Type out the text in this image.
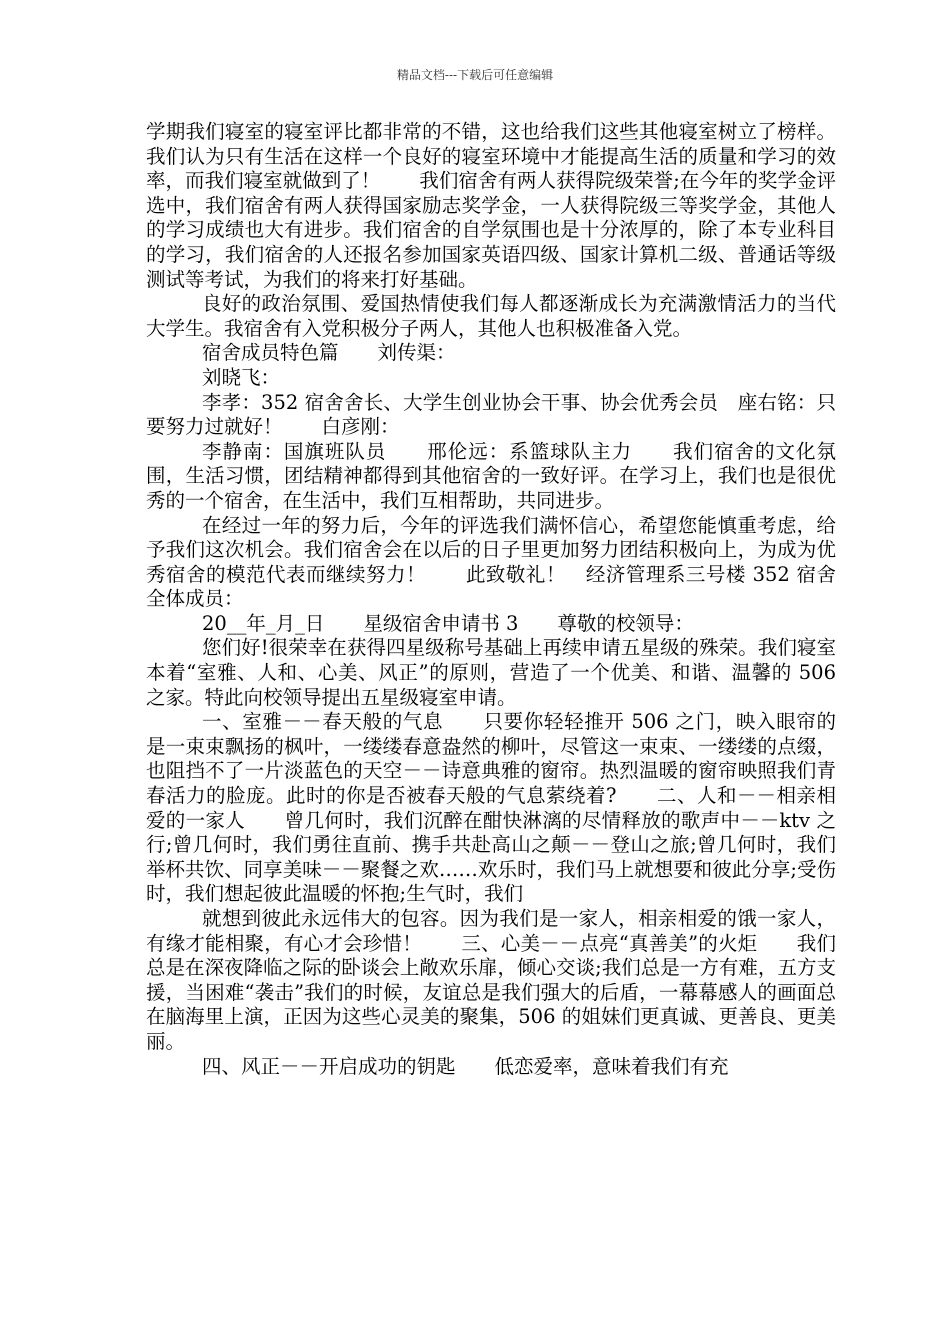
精品文档---下载后可任意编辑

学期我们寝室的寝室评比都非常的不错，这也给我们这些其他寝室树立了榜样。我们认为只有生活在这样一个良好的寝室环境中才能提高生活的质量和学习的效率，而我们寝室就做到了！　　我们宿舍有两人获得院级荣誉;在今年的奖学金评选中，我们宿舍有两人获得国家励志奖学金，一人获得院级三等奖学金，其他人的学习成绩也大有进步。我们宿舍的自学氛围也是十分浓厚的，除了本专业科目的学习，我们宿舍的人还报名参加国家英语四级、国家计算机二级、普通话等级测试等考试，为我们的将来打好基础。

良好的政治氛围、爱国热情使我们每人都逐渐成长为充满激情活力的当代大学生。我宿舍有入党积极分子两人，其他人也积极准备入党。

宿舍成员特色篇　　刘传渠：

刘晓飞：

李孝：352 宿舍舍长、大学生创业协会干事、协会优秀会员　座右铭：只要努力过就好！　　白彦刚：

李静南：国旗班队员　　邢伦远：系篮球队主力　　我们宿舍的文化氛围，生活习惯，团结精神都得到其他宿舍的一致好评。在学习上，我们也是很优秀的一个宿舍，在生活中，我们互相帮助，共同进步。

在经过一年的努力后，今年的评选我们满怀信心，希望您能慎重考虑，给予我们这次机会。我们宿舍会在以后的日子里更加努力团结积极向上，为成为优秀宿舍的模范代表而继续努力！　　此致敬礼！　经济管理系三号楼 352 宿舍全体成员：

20__年_月_日　　星级宿舍申请书 3　　尊敬的校领导：

您们好!很荣幸在获得四星级称号基础上再续申请五星级的殊荣。我们寝室本着“室雅、人和、心美、风正”的原则，营造了一个优美、和谐、温馨的 506 之家。特此向校领导提出五星级寝室申请。

一、室雅－－春天般的气息　　只要你轻轻推开 506 之门，映入眼帘的是一束束飘扬的枫叶，一缕缕春意盎然的柳叶，尽管这一束束、一缕缕的点缀，也阻挡不了一片淡蓝色的天空－－诗意典雅的窗帘。热烈温暖的窗帘映照我们青春活力的脸庞。此时的你是否被春天般的气息萦绕着?　　二、人和－－相亲相爱的一家人　　曾几何时，我们沉醉在酣快淋漓的尽情释放的歌声中－－ktv 之行;曾几何时，我们勇往直前、携手共赴高山之颠－－登山之旅;曾几何时，我们举杯共饮、同享美味－－聚餐之欢……欢乐时，我们马上就想要和彼此分享;受伤时，我们想起彼此温暖的怀抱;生气时，我们

就想到彼此永远伟大的包容。因为我们是一家人，相亲相爱的饿一家人，有缘才能相聚，有心才会珍惜！　　三、心美－－点亮“真善美”的火炬　　我们总是在深夜降临之际的卧谈会上敞欢乐扉，倾心交谈;我们总是一方有难，五方支援，当困难“袭击”我们的时候，友谊总是我们强大的后盾，一幕幕感人的画面总在脑海里上演，正因为这些心灵美的聚集，506 的姐妹们更真诚、更善良、更美丽。

四、风正－－开启成功的钥匙　　低恋爱率，意味着我们有充
